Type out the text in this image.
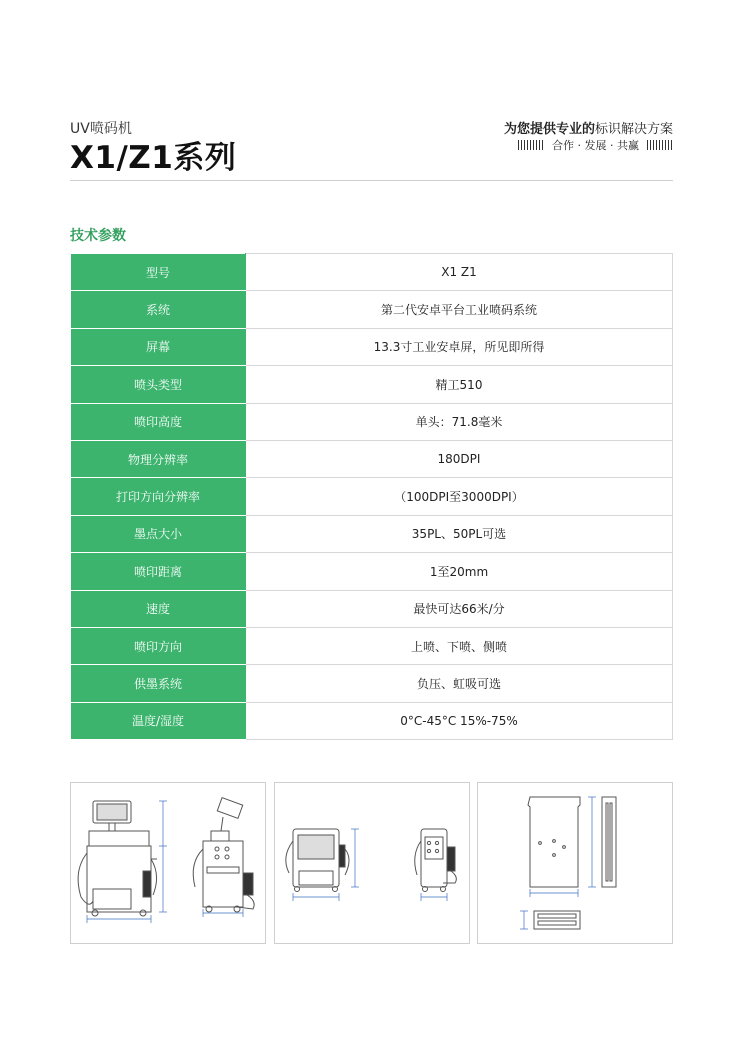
UV喷码机
X1/Z1系列
为您提供专业的标识解决方案
合作 · 发展 · 共赢
技术参数
型号	X1 Z1
系统	第二代安卓平台工业喷码系统
屏幕	13.3寸工业安卓屏，所见即所得
喷头类型	精工510
喷印高度	单头：71.8毫米
物理分辨率	180DPI
打印方向分辨率	（100DPI至3000DPI）
墨点大小	35PL、50PL可选
喷印距离	1至20mm
速度	最快可达66米/分
喷印方向	上喷、下喷、侧喷
供墨系统	负压、虹吸可选
温度/湿度	0°C-45°C 15%-75%
